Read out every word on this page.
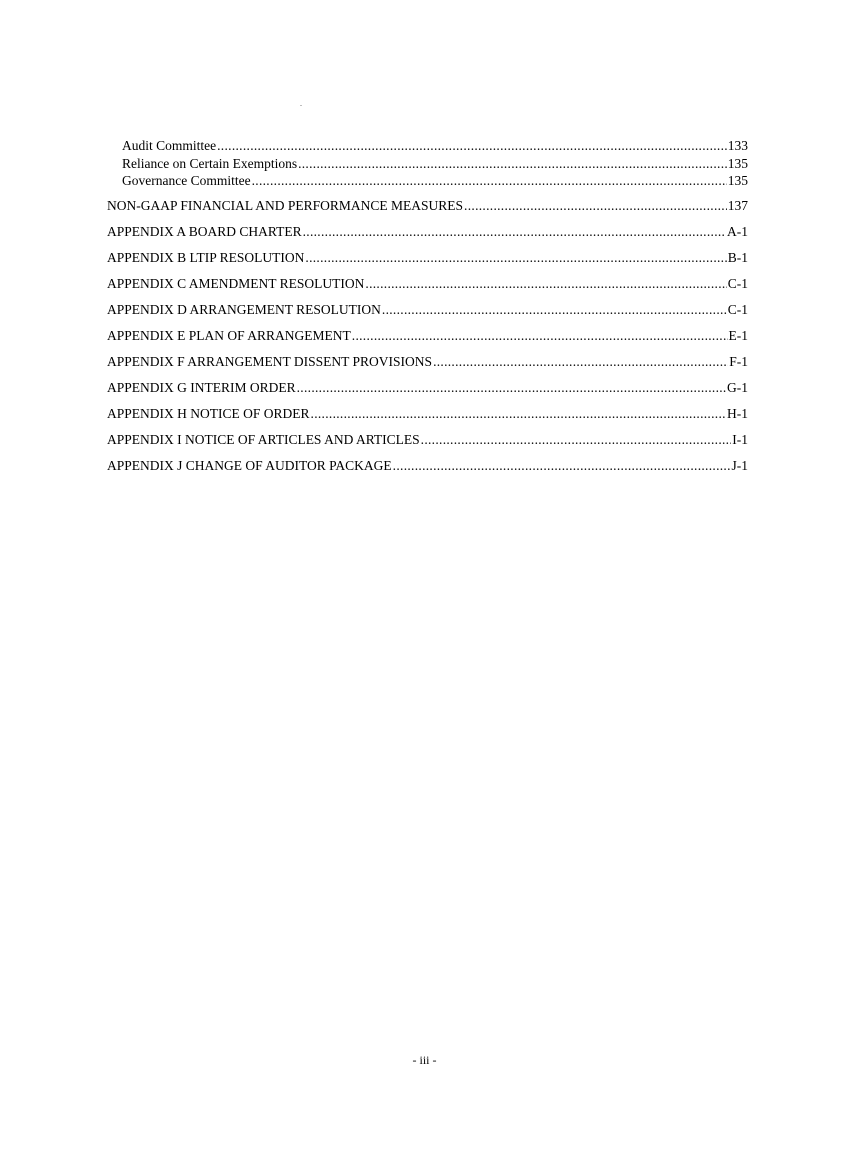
.
Audit Committee .....	133
Reliance on Certain Exemptions .....	135
Governance Committee .....	135
NON-GAAP FINANCIAL AND PERFORMANCE MEASURES .....	137
APPENDIX A BOARD CHARTER .....	A-1
APPENDIX B LTIP RESOLUTION .....	B-1
APPENDIX C AMENDMENT RESOLUTION .....	C-1
APPENDIX D ARRANGEMENT RESOLUTION .....	C-1
APPENDIX E PLAN OF ARRANGEMENT .....	E-1
APPENDIX F ARRANGEMENT DISSENT PROVISIONS .....	F-1
APPENDIX G INTERIM ORDER .....	G-1
APPENDIX H NOTICE OF ORDER .....	H-1
APPENDIX I NOTICE OF ARTICLES AND ARTICLES .....	I-1
APPENDIX J CHANGE OF AUDITOR PACKAGE .....	J-1
- iii -
